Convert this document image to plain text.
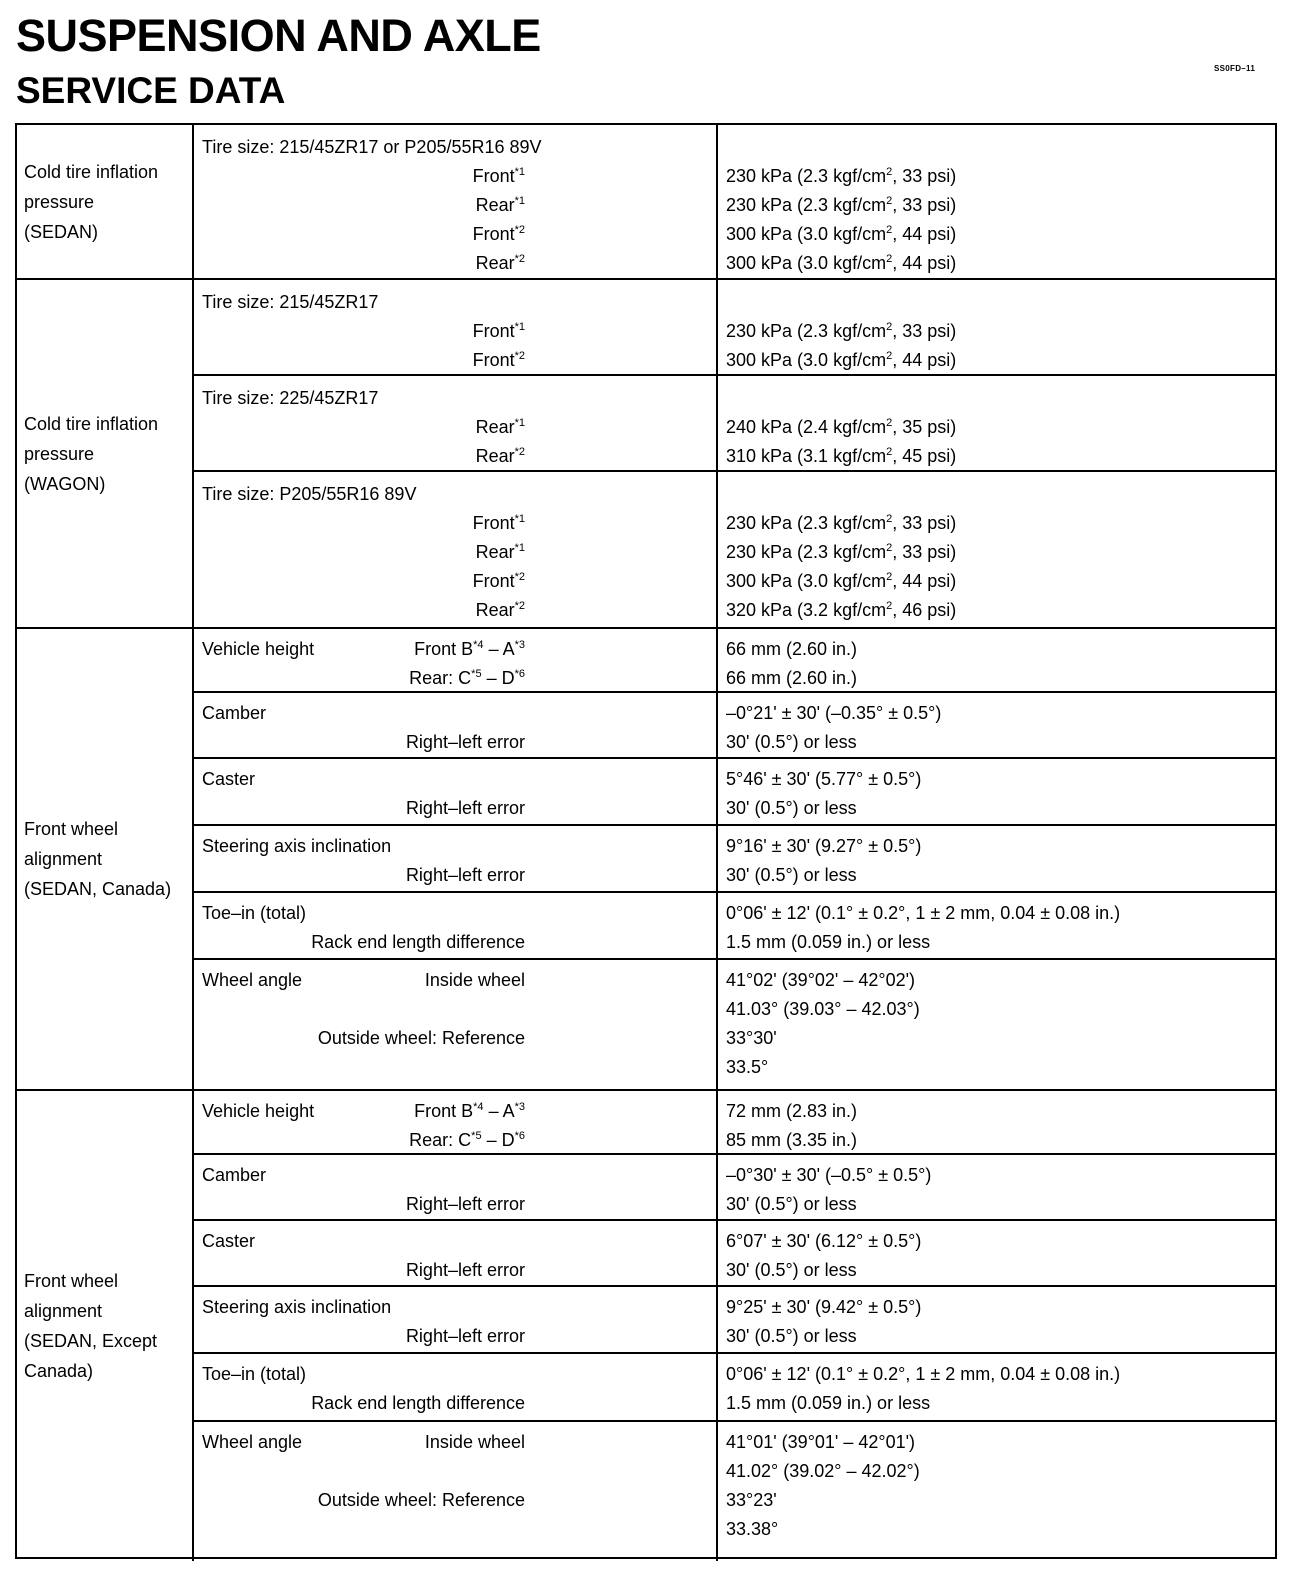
SUSPENSION AND AXLE
SERVICE DATA
SS0FD–11
Cold tire inflation
pressure
(SEDAN)
Tire size: 215/45ZR17 or P205/55R16 89V
Front$^{*1}$	230 kPa (2.3 kgf/$cm^2$, 33 psi)
Rear$^{*1}$	230 kPa (2.3 kgf/$cm^2$, 33 psi)
Front$^{*2}$	300 kPa (3.0 kgf/$cm^2$, 44 psi)
Rear$^{*2}$	300 kPa (3.0 kgf/$cm^2$, 44 psi)
Cold tire inflation
pressure
(WAGON)
Tire size: 215/45ZR17
Front$^{*1}$	230 kPa (2.3 kgf/$cm^2$, 33 psi)
Front$^{*2}$	300 kPa (3.0 kgf/$cm^2$, 44 psi)
Tire size: 225/45ZR17
Rear$^{*1}$	240 kPa (2.4 kgf/$cm^2$, 35 psi)
Rear$^{*2}$	310 kPa (3.1 kgf/$cm^2$, 45 psi)
Tire size: P205/55R16 89V
Front$^{*1}$	230 kPa (2.3 kgf/$cm^2$, 33 psi)
Rear$^{*1}$	230 kPa (2.3 kgf/$cm^2$, 33 psi)
Front$^{*2}$	300 kPa (3.0 kgf/$cm^2$, 44 psi)
Rear$^{*2}$	320 kPa (3.2 kgf/$cm^2$, 46 psi)
Front wheel
alignment
(SEDAN, Canada)
Vehicle height	Front $B^{*4} - A^{*3}$	66 mm (2.60 in.)
Rear: $C^{*5} - D^{*6}$	66 mm (2.60 in.)
Camber	–0°21' ± 30' (–0.35° ± 0.5°)
Right–left error	30' (0.5°) or less
Caster	5°46' ± 30' (5.77° ± 0.5°)
Right–left error	30' (0.5°) or less
Steering axis inclination	9°16' ± 30' (9.27° ± 0.5°)
Right–left error	30' (0.5°) or less
Toe–in (total)	0°06' ± 12' (0.1° ± 0.2°, 1 ± 2 mm, 0.04 ± 0.08 in.)
Rack end length difference	1.5 mm (0.059 in.) or less
Wheel angle	Inside wheel	41°02' (39°02' – 42°02')
41.03° (39.03° – 42.03°)
Outside wheel: Reference	33°30'
33.5°
Front wheel
alignment
(SEDAN, Except
Canada)
Vehicle height	Front $B^{*4} - A^{*3}$	72 mm (2.83 in.)
Rear: $C^{*5} - D^{*6}$	85 mm (3.35 in.)
Camber	–0°30' ± 30' (–0.5° ± 0.5°)
Right–left error	30' (0.5°) or less
Caster	6°07' ± 30' (6.12° ± 0.5°)
Right–left error	30' (0.5°) or less
Steering axis inclination	9°25' ± 30' (9.42° ± 0.5°)
Right–left error	30' (0.5°) or less
Toe–in (total)	0°06' ± 12' (0.1° ± 0.2°, 1 ± 2 mm, 0.04 ± 0.08 in.)
Rack end length difference	1.5 mm (0.059 in.) or less
Wheel angle	Inside wheel	41°01' (39°01' – 42°01')
41.02° (39.02° – 42.02°)
Outside wheel: Reference	33°23'
33.38°
